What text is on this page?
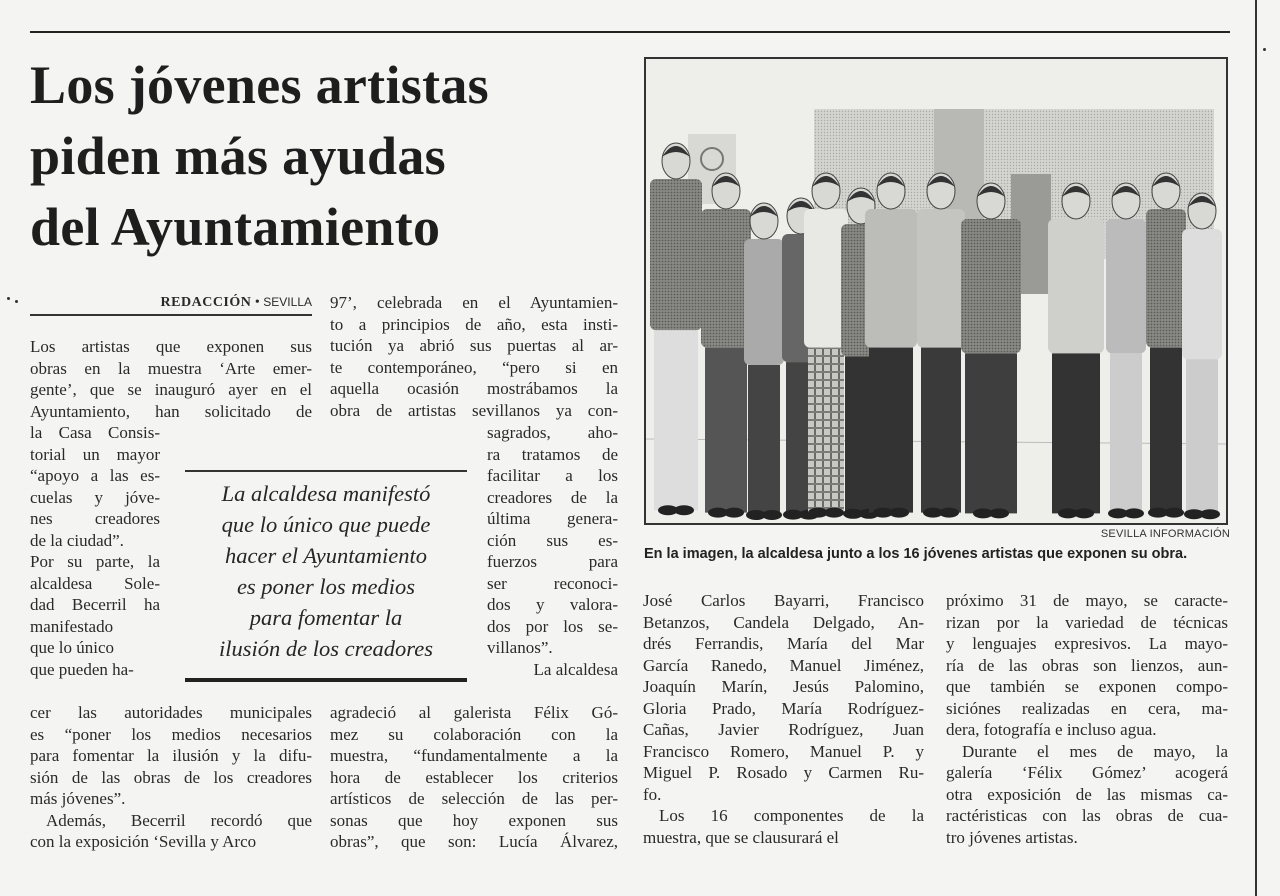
Los jóvenes artistas
piden más ayudas
del Ayuntamiento
REDACCIÓN • SEVILLA
Los artistas que exponen sus
obras en la muestra ‘Arte emer-
gente’, que se inauguró ayer en el
Ayuntamiento, han solicitado de
la Casa Consis-
torial un mayor
“apoyo a las es-
cuelas y jóve-
nes creadores
de la ciudad”.
Por su parte, la
alcaldesa Sole-
dad Becerril ha
manifestado
que lo único
que pueden ha-
cer las autoridades municipales
es “poner los medios necesarios
para fomentar la ilusión y la difu-
sión de las obras de los creadores
más jóvenes”.
Además, Becerril recordó que
con la exposición ‘Sevilla y Arco
97’, celebrada en el Ayuntamien-
to a principios de año, esta insti-
tución ya abrió sus puertas al ar-
te contemporáneo, “pero si en
aquella ocasión mostrábamos la
obra de artistas sevillanos ya con-
sagrados, aho-
ra tratamos de
facilitar a los
creadores de la
última genera-
ción sus es-
fuerzos para
ser reconoci-
dos y valora-
dos por los se-
villanos”.
La alcaldesa
agradeció al galerista Félix Gó-
mez su colaboración con la
muestra, “fundamentalmente a la
hora de establecer los criterios
artísticos de selección de las per-
sonas que hoy exponen sus
obras”, que son: Lucía Álvarez,
La alcaldesa manifestó
que lo único que puede
hacer el Ayuntamiento
es poner los medios
para fomentar la
ilusión de los creadores
SEVILLA INFORMACIÓN
En la imagen, la alcaldesa junto a los 16 jóvenes artistas que exponen su obra.
José Carlos Bayarri, Francisco
Betanzos, Candela Delgado, An-
drés Ferrandis, María del Mar
García Ranedo, Manuel Jiménez,
Joaquín Marín, Jesús Palomino,
Gloria Prado, María Rodríguez-
Cañas, Javier Rodríguez, Juan
Francisco Romero, Manuel P. y
Miguel P. Rosado y Carmen Ru-
fo.
Los 16 componentes de la
muestra, que se clausurará el
próximo 31 de mayo, se caracte-
rizan por la variedad de técnicas
y lenguajes expresivos. La mayo-
ría de las obras son lienzos, aun-
que también se exponen compo-
siciónes realizadas en cera, ma-
dera, fotografía e incluso agua.
Durante el mes de mayo, la
galería ‘Félix Gómez’ acogerá
otra exposición de las mismas ca-
ractéristicas con las obras de cua-
tro jóvenes artistas.
